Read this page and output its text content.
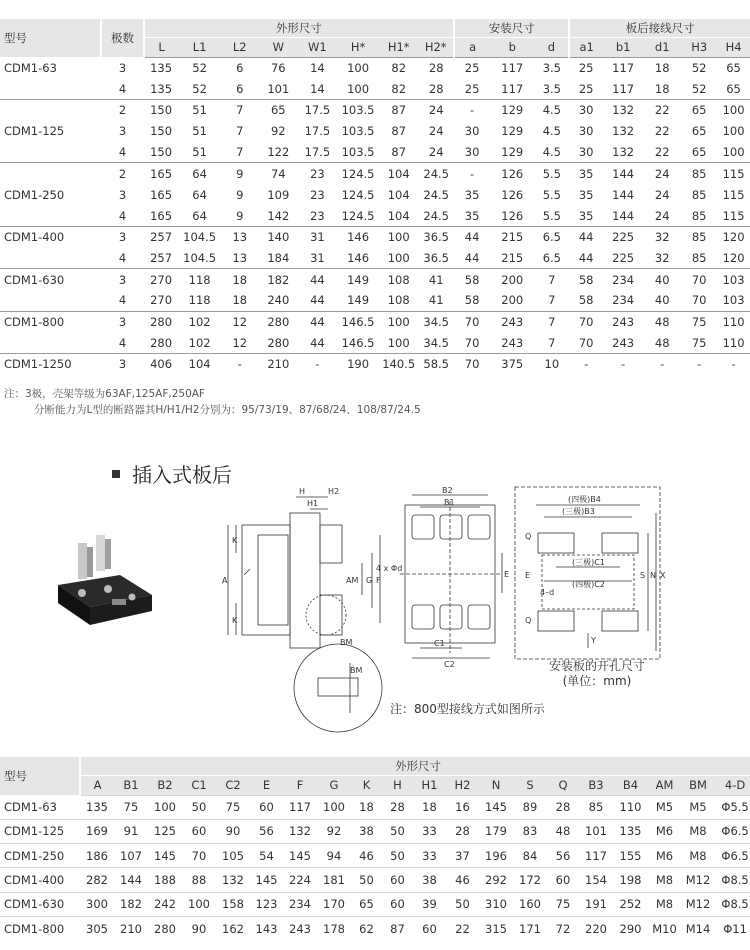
型号	极数	外形尺寸								安装尺寸			板后接线尺寸				
		L	L1	L2	W	W1	H*	H1*	H2*	a	b	d	a1	b1	d1	H3	H4
CDM1-63	3	135	52	6	76	14	100	82	28	25	117	3.5	25	117	18	52	65
	4	135	52	6	101	14	100	82	28	25	117	3.5	25	117	18	52	65
	2	150	51	7	65	17.5	103.5	87	24	-	129	4.5	30	132	22	65	100
CDM1-125	3	150	51	7	92	17.5	103.5	87	24	30	129	4.5	30	132	22	65	100
	4	150	51	7	122	17.5	103.5	87	24	30	129	4.5	30	132	22	65	100
	2	165	64	9	74	23	124.5	104	24.5	-	126	5.5	35	144	24	85	115
CDM1-250	3	165	64	9	109	23	124.5	104	24.5	35	126	5.5	35	144	24	85	115
	4	165	64	9	142	23	124.5	104	24.5	35	126	5.5	35	144	24	85	115
CDM1-400	3	257	104.5	13	140	31	146	100	36.5	44	215	6.5	44	225	32	85	120
	4	257	104.5	13	184	31	146	100	36.5	44	215	6.5	44	225	32	85	120
CDM1-630	3	270	118	18	182	44	149	108	41	58	200	7	58	234	40	70	103
	4	270	118	18	240	44	149	108	41	58	200	7	58	234	40	70	103
CDM1-800	3	280	102	12	280	44	146.5	100	34.5	70	243	7	70	243	48	75	110
	4	280	102	12	280	44	146.5	100	34.5	70	243	7	70	243	48	75	110
CDM1-1250	3	406	104	-	210	-	190	140.5	58.5	70	375	10	-	-	-	-	-
注：3极，壳架等级为63AF,125AF,250AF
分断能力为L型的断路器其H/H1/H2分别为：95/73/19、87/68/24、108/87/24.5
插入式板后
A
K
K
H	H2
H1
AM G F
BM
BM
B2
B1
4 x Φd
E
C1
C2
(四极)B4
(三极)B3
(三极)C1
(四极)C2
Q
Q
E
4–d
S N X
Y
安装板的开孔尺寸
(单位：mm)
注：800型接线方式如图所示
型号	外形尺寸																			
	A	B1	B2	C1	C2	E	F	G	K	H	H1	H2	N	S	Q	B3	B4	AM	BM	4-D
CDM1-63	135	75	100	50	75	60	117	100	18	28	18	16	145	89	28	85	110	M5	M5	Φ5.5
CDM1-125	169	91	125	60	90	56	132	92	38	50	33	28	179	83	48	101	135	M6	M8	Φ6.5
CDM1-250	186	107	145	70	105	54	145	94	46	50	33	37	196	84	56	117	155	M6	M8	Φ6.5
CDM1-400	282	144	188	88	132	145	224	181	50	60	38	46	292	172	60	154	198	M8	M12	Φ8.5
CDM1-630	300	182	242	100	158	123	234	170	65	60	39	50	310	160	75	191	252	M8	M12	Φ8.5
CDM1-800	305	210	280	90	162	143	243	178	62	87	60	22	315	171	72	220	290	M10	M14	Φ11
